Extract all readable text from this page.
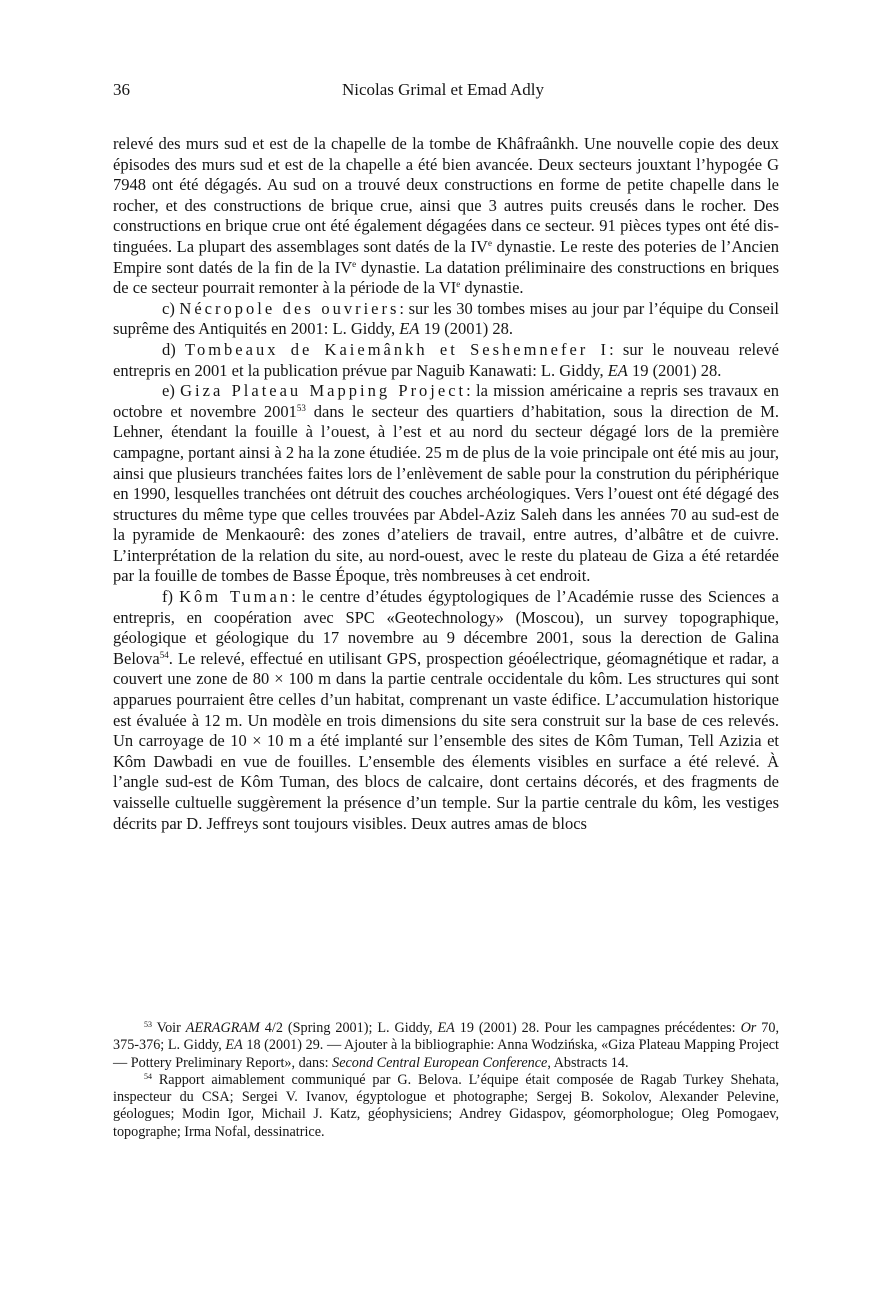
36	Nicolas Grimal et Emad Adly

relevé des murs sud et est de la chapelle de la tombe de Khâfraânkh. Une nouvelle copie des deux épisodes des murs sud et est de la chapelle a été bien avancée. Deux secteurs jouxtant l’hypogée G 7948 ont été dégagés. Au sud on a trouvé deux constructions en forme de petite chapelle dans le rocher, et des constructions de brique crue, ainsi que 3 autres puits creusés dans le rocher. Des constructions en brique crue ont été également dégagées dans ce secteur. 91 pièces types ont été distinguées. La plupart des assemblages sont datés de la IVe dynastie. Le reste des poteries de l’Ancien Empire sont datés de la fin de la IVe dynastie. La datation préliminaire des constructions en briques de ce secteur pourrait remonter à la période de la VIe dynastie.

c) Nécropole des ouvriers: sur les 30 tombes mises au jour par l’équipe du Conseil suprême des Antiquités en 2001: L. Giddy, EA 19 (2001) 28.

d) Tombeaux de Kaiemânkh et Seshemnefer I: sur le nouveau relevé entrepris en 2001 et la publication prévue par Naguib Kanawati: L. Giddy, EA 19 (2001) 28.

e) Giza Plateau Mapping Project: la mission américaine a repris ses travaux en octobre et novembre 2001$^{53}$ dans le secteur des quartiers d’habitation, sous la direction de M. Lehner, étendant la fouille à l’ouest, à l’est et au nord du secteur dégagé lors de la première campagne, portant ainsi à 2 ha la zone étudiée. 25 m de plus de la voie principale ont été mis au jour, ainsi que plusieurs tranchées faites lors de l’enlèvement de sable pour la constrution du périphérique en 1990, lesquelles tranchées ont détruit des couches archéologiques. Vers l’ouest ont été dégagé des structures du même type que celles trouvées par Abdel-Aziz Saleh dans les années 70 au sud-est de la pyramide de Menkaourê: des zones d’ateliers de travail, entre autres, d’albâtre et de cuivre. L’interprétation de la relation du site, au nord-ouest, avec le reste du plateau de Giza a été retardée par la fouille de tombes de Basse Époque, très nombreuses à cet endroit.

f) Kôm Tuman: le centre d’études égyptologiques de l’Académie russe des Sciences a entrepris, en coopération avec SPC «Geotechnology» (Moscou), un survey topographique, géologique et géologique du 17 novembre au 9 décembre 2001, sous la derection de Galina Belova$^{54}$. Le relevé, effectué en utilisant GPS, prospection géoélectrique, géomagnétique et radar, a couvert une zone de 80 × 100 m dans la partie centrale occidentale du kôm. Les structures qui sont apparues pourraient être celles d’un habitat, comprenant un vaste édifice. L’accumulation historique est évaluée à 12 m. Un modèle en trois dimensions du site sera construit sur la base de ces relevés. Un carroyage de 10 × 10 m a été implanté sur l’ensemble des sites de Kôm Tuman, Tell Azizia et Kôm Dawbadi en vue de fouilles. L’ensemble des élements visibles en surface a été relevé. À l’angle sud-est de Kôm Tuman, des blocs de calcaire, dont certains décorés, et des fragments de vaisselle cultuelle suggèrement la présence d’un temple. Sur la partie centrale du kôm, les vestiges décrits par D. Jeffreys sont toujours visibles. Deux autres amas de blocs

$^{53}$ Voir AERAGRAM 4/2 (Spring 2001); L. Giddy, EA 19 (2001) 28. Pour les campagnes précédentes: Or 70, 375-376; L. Giddy, EA 18 (2001) 29. — Ajouter à la bibliographie: Anna Wodzińska, «Giza Plateau Mapping Project — Pottery Preliminary Report», dans: Second Central European Conference, Abstracts 14.

$^{54}$ Rapport aimablement communiqué par G. Belova. L’équipe était composée de Ragab Turkey Shehata, inspecteur du CSA; Sergei V. Ivanov, égyptologue et photographe; Sergej B. Sokolov, Alexander Pelevine, géologues; Modin Igor, Michail J. Katz, géophysiciens; Andrey Gidaspov, géomorphologue; Oleg Pomogaev, topographe; Irma Nofal, dessinatrice.
